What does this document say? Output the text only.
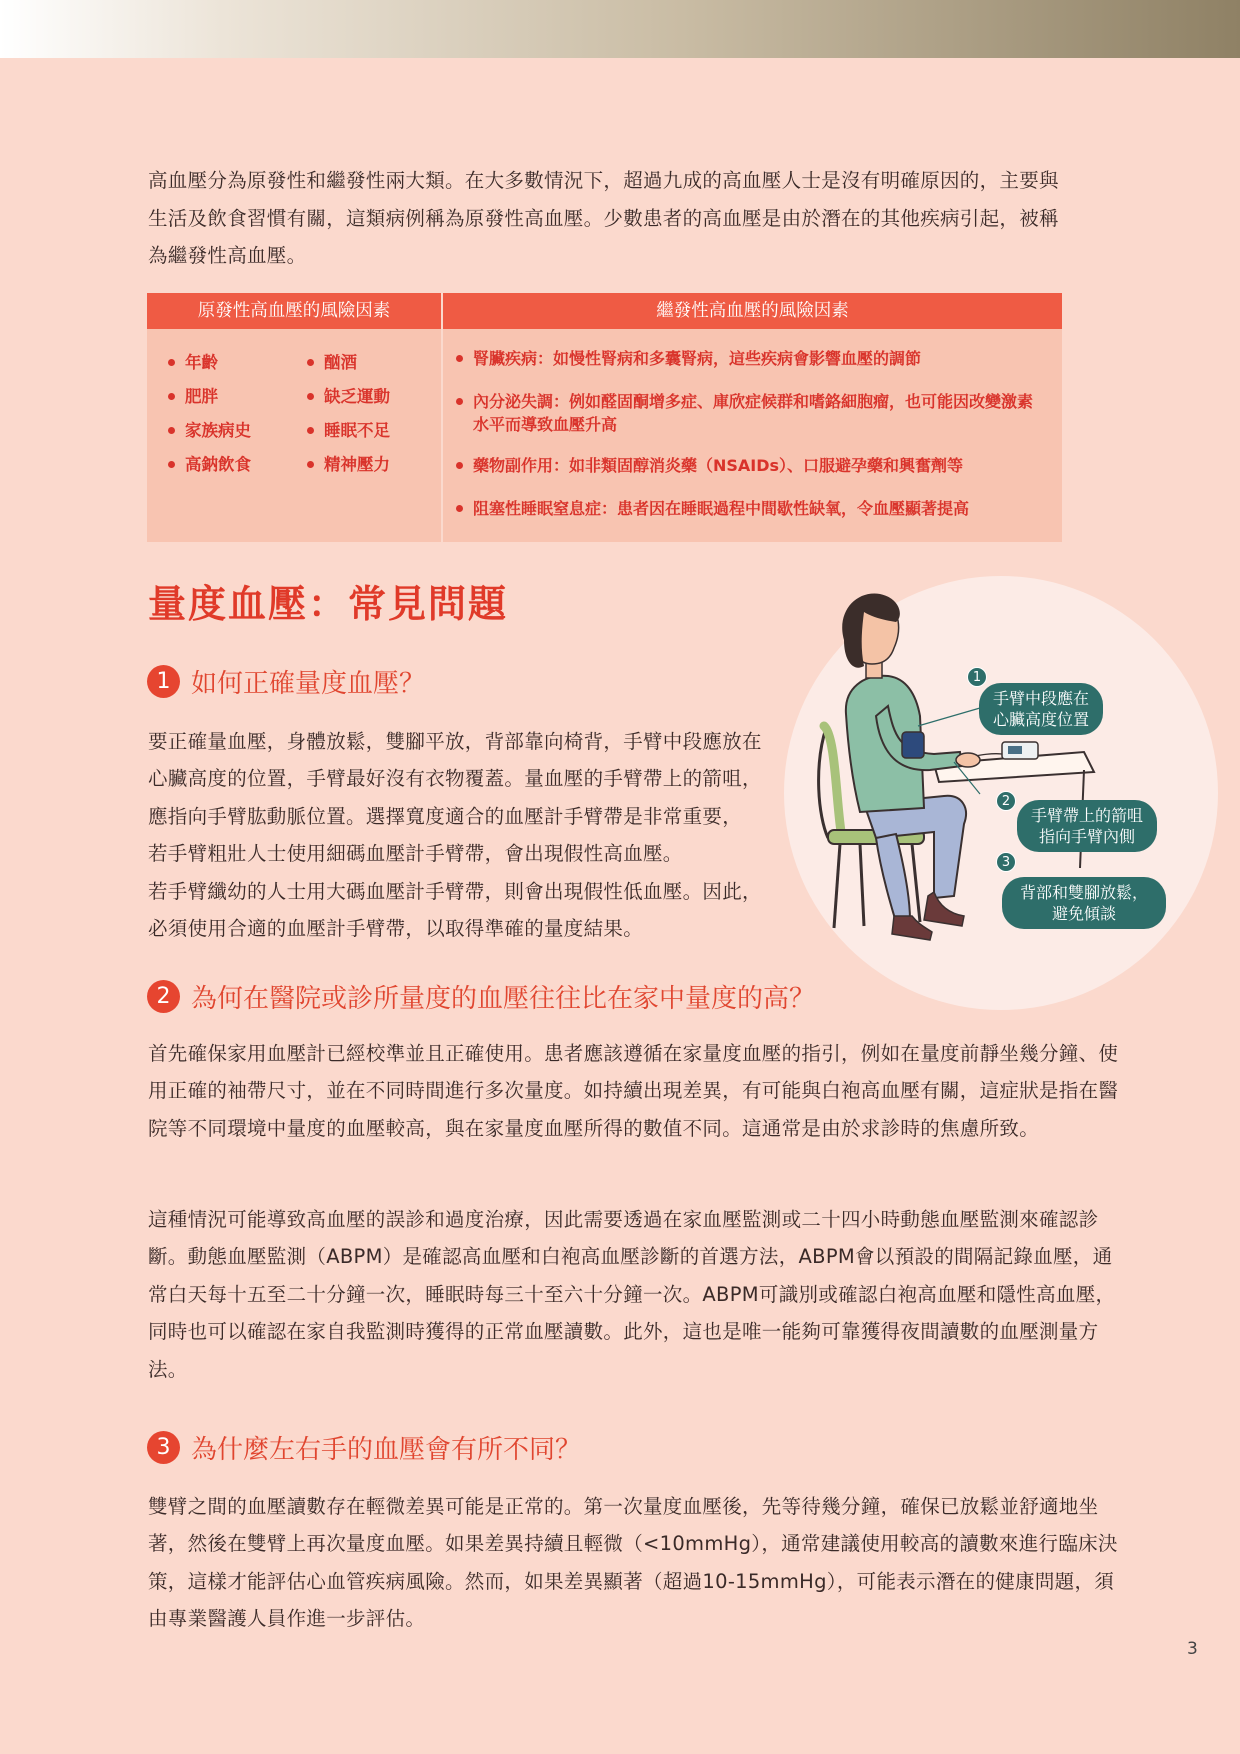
高血壓分為原發性和繼發性兩大類。在大多數情況下，超過九成的高血壓人士是沒有明確原因的，主要與生活及飲食習慣有關，這類病例稱為原發性高血壓。少數患者的高血壓是由於潛在的其他疾病引起，被稱為繼發性高血壓。

原發性高血壓的風險因素	繼發性高血壓的風險因素
年齡	酗酒
肥胖	缺乏運動
家族病史	睡眠不足
高鈉飲食	精神壓力
腎臟疾病：如慢性腎病和多囊腎病，這些疾病會影響血壓的調節
內分泌失調：例如醛固酮增多症、庫欣症候群和嗜鉻細胞瘤，也可能因改變激素水平而導致血壓升高
藥物副作用：如非類固醇消炎藥（NSAIDs）、口服避孕藥和興奮劑等
阻塞性睡眠窒息症：患者因在睡眠過程中間歇性缺氧，令血壓顯著提高
量度血壓：常見問題
1
手臂中段應在
心臟高度位置
2
手臂帶上的箭咀
指向手臂內側
3
背部和雙腳放鬆，
避免傾談
1 如何正確量度血壓？
要正確量血壓，身體放鬆，雙腳平放，背部靠向椅背，手臂中段應放在
心臟高度的位置，手臂最好沒有衣物覆蓋。量血壓的手臂帶上的箭咀，
應指向手臂肱動脈位置。選擇寬度適合的血壓計手臂帶是非常重要，
若手臂粗壯人士使用細碼血壓計手臂帶，會出現假性高血壓。
若手臂纖幼的人士用大碼血壓計手臂帶，則會出現假性低血壓。因此，
必須使用合適的血壓計手臂帶，以取得準確的量度結果。
2 為何在醫院或診所量度的血壓往往比在家中量度的高？

首先確保家用血壓計已經校準並且正確使用。患者應該遵循在家量度血壓的指引，例如在量度前靜坐幾分鐘、使用正確的袖帶尺寸，並在不同時間進行多次量度。如持續出現差異，有可能與白袍高血壓有關，這症狀是指在醫院等不同環境中量度的血壓較高，與在家量度血壓所得的數值不同。這通常是由於求診時的焦慮所致。

這種情況可能導致高血壓的誤診和過度治療，因此需要透過在家血壓監測或二十四小時動態血壓監測來確認診斷。動態血壓監測（ABPM）是確認高血壓和白袍高血壓診斷的首選方法，ABPM會以預設的間隔記錄血壓，通常白天每十五至二十分鐘一次，睡眠時每三十至六十分鐘一次。ABPM可識別或確認白袍高血壓和隱性高血壓，同時也可以確認在家自我監測時獲得的正常血壓讀數。此外，這也是唯一能夠可靠獲得夜間讀數的血壓測量方法。

3 為什麼左右手的血壓會有所不同？

雙臂之間的血壓讀數存在輕微差異可能是正常的。第一次量度血壓後，先等待幾分鐘，確保已放鬆並舒適地坐著，然後在雙臂上再次量度血壓。如果差異持續且輕微（<10mmHg），通常建議使用較高的讀數來進行臨床決策，這樣才能評估心血管疾病風險。然而，如果差異顯著（超過10-15mmHg），可能表示潛在的健康問題，須由專業醫護人員作進一步評估。

3
